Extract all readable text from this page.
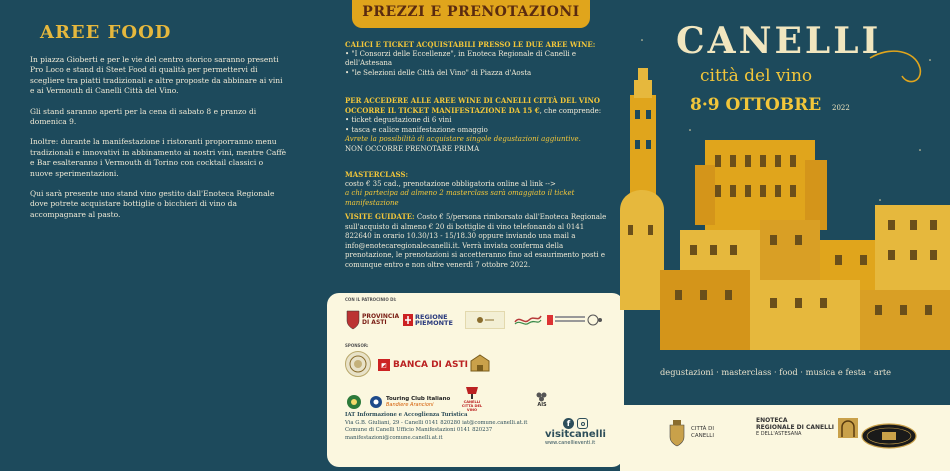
AREE FOOD

In piazza Gioberti e per le vie del centro storico saranno presenti Pro Loco e stand di Steet Food di qualità per permettervi di scegliere tra piatti tradizionali e altre proposte da abbinare ai vini e ai Vermouth di Canelli Città del Vino.

Gli stand saranno aperti per la cena di sabato 8 e pranzo di domenica 9.

Inoltre: durante la manifestazione i ristoranti proporranno menu tradizionali e innovativi in abbinamento ai nostri vini, mentre Caffè e Bar esalteranno i Vermouth di Torino con cocktail classici o nuove sperimentazioni.

Qui sarà presente uno stand vino gestito dall'Enoteca Regionale dove potrete acquistare bottiglie o bicchieri di vino da accompagnare al pasto.

PREZZI E PRENOTAZIONI
CALICI E TICKET ACQUISTABILI PRESSO LE DUE AREE WINE:
• "I Consorzi delle Eccellenze", in Enoteca Regionale di Canelli e dell'Astesana
• "le Selezioni delle Città del Vino" di Piazza d'Aosta
PER ACCEDERE ALLE AREE WINE DI CANELLI CITTÀ DEL VINO
OCCORRE IL TICKET MANIFESTAZIONE DA 15 €, che comprende:
• ticket degustazione di 6 vini
• tasca e calice manifestazione omaggio
Avrete la possibilità di acquistare singole degustazioni aggiuntive.
NON OCCORRE PRENOTARE PRIMA
MASTERCLASS:
costo € 35 cad., prenotazione obbligatoria online al link -->
a chi partecipa ad almeno 2 masterclass sarà omaggiato il ticket manifestazione
VISITE GUIDATE: Costo € 5/persona rimborsato dall'Enoteca Regionale sull'acquisto di almeno € 20 di bottiglie di vino telefonando al 0141 822640 in orario 10.30/13 - 15/18.30 oppure inviando una mail a info@enotecaregionalecanelli.it. Verrà inviata conferma della prenotazione, le prenotazioni si accetteranno fino ad esaurimento posti e comunque entro e non oltre venerdì 7 ottobre 2022.
CON IL PATROCINIO DI:
PROVINCIA DI ASTI
REGIONE PIEMONTE
SPONSOR:
◩ BANCA DI ASTI
Touring Club Italiano
Bandiere Arancioni	CANELLI CITTÀ DEL VINO
AIS
IAT Informazione e Accoglienza Turistica
Via G.B. Giuliani, 29 - Canelli 0141 820280 iat@comune.canelli.at.it
Comune di Canelli Ufficio Manifestazioni 0141 820237
manifestazioni@comune.canelli.at.it
f
visitcanelli
www.canellieventi.it
CANELLI
città del vino
8·9 OTTOBRE 2022
degustazioni · masterclass · food · musica e festa · arte
CITTÀ DI CANELLI
ENOTECA
REGIONALE DI CANELLI
E DELL'ASTESANA
